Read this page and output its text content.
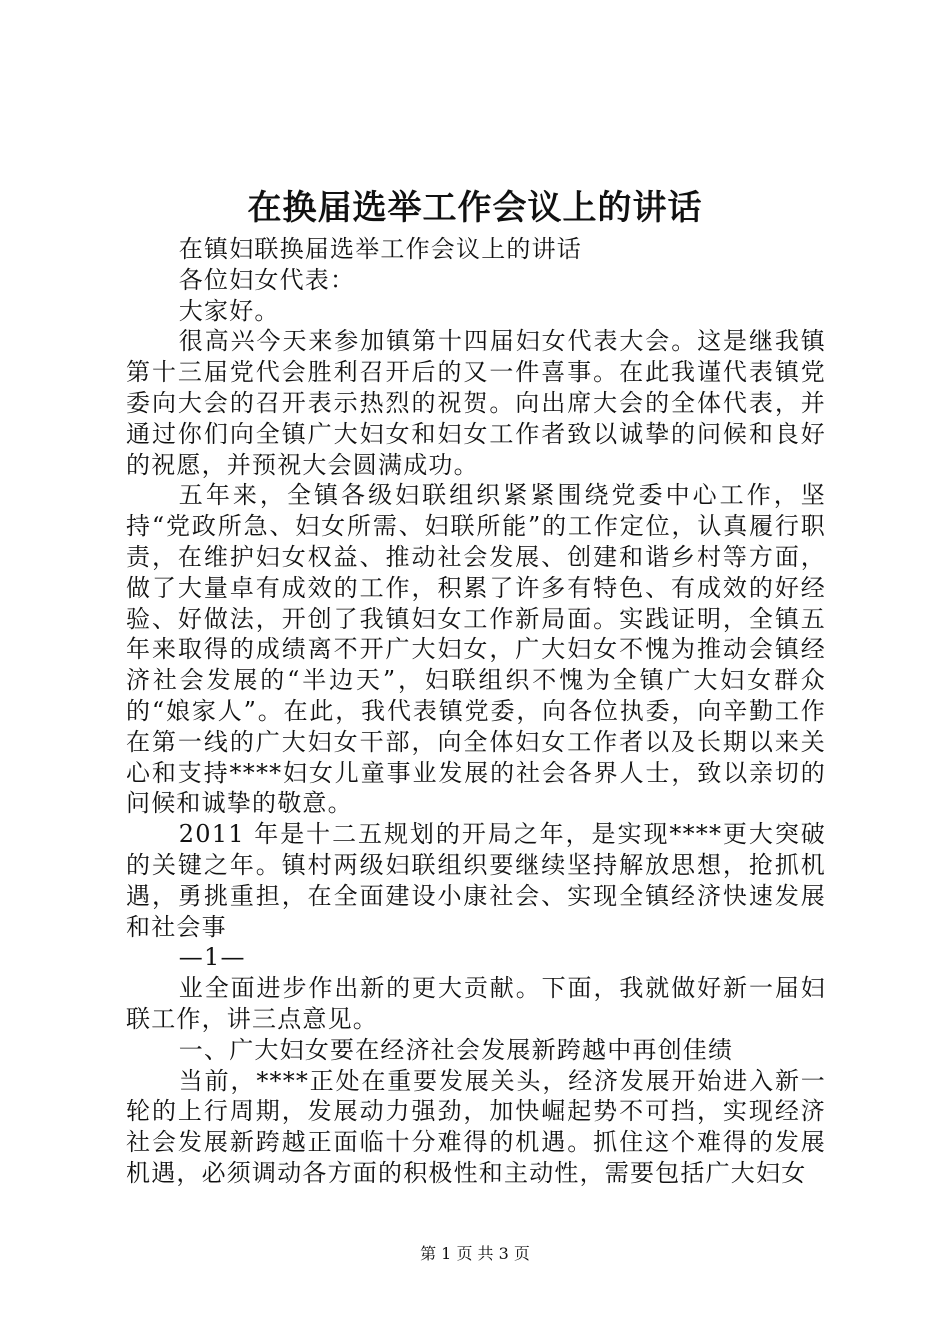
在换届选举工作会议上的讲话

在镇妇联换届选举工作会议上的讲话

各位妇女代表：

大家好。

很高兴今天来参加镇第十四届妇女代表大会。这是继我镇第十三届党代会胜利召开后的又一件喜事。在此我谨代表镇党委向大会的召开表示热烈的祝贺。向出席大会的全体代表，并通过你们向全镇广大妇女和妇女工作者致以诚挚的问候和良好的祝愿，并预祝大会圆满成功。

五年来，全镇各级妇联组织紧紧围绕党委中心工作，坚持“党政所急、妇女所需、妇联所能”的工作定位，认真履行职责，在维护妇女权益、推动社会发展、创建和谐乡村等方面，做了大量卓有成效的工作，积累了许多有特色、有成效的好经验、好做法，开创了我镇妇女工作新局面。实践证明，全镇五年来取得的成绩离不开广大妇女，广大妇女不愧为推动会镇经济社会发展的“半边天”，妇联组织不愧为全镇广大妇女群众的“娘家人”。在此，我代表镇党委，向各位执委，向辛勤工作在第一线的广大妇女干部，向全体妇女工作者以及长期以来关心和支持****妇女儿童事业发展的社会各界人士，致以亲切的问候和诚挚的敬意。

2011 年是十二五规划的开局之年，是实现****更大突破的关键之年。镇村两级妇联组织要继续坚持解放思想，抢抓机遇，勇挑重担，在全面建设小康社会、实现全镇经济快速发展和社会事

—1—

业全面进步作出新的更大贡献。下面，我就做好新一届妇联工作，讲三点意见。

一、广大妇女要在经济社会发展新跨越中再创佳绩

当前，****正处在重要发展关头，经济发展开始进入新一轮的上行周期，发展动力强劲，加快崛起势不可挡，实现经济社会发展新跨越正面临十分难得的机遇。抓住这个难得的发展机遇，必须调动各方面的积极性和主动性，需要包括广大妇女

第 1 页 共 3 页
